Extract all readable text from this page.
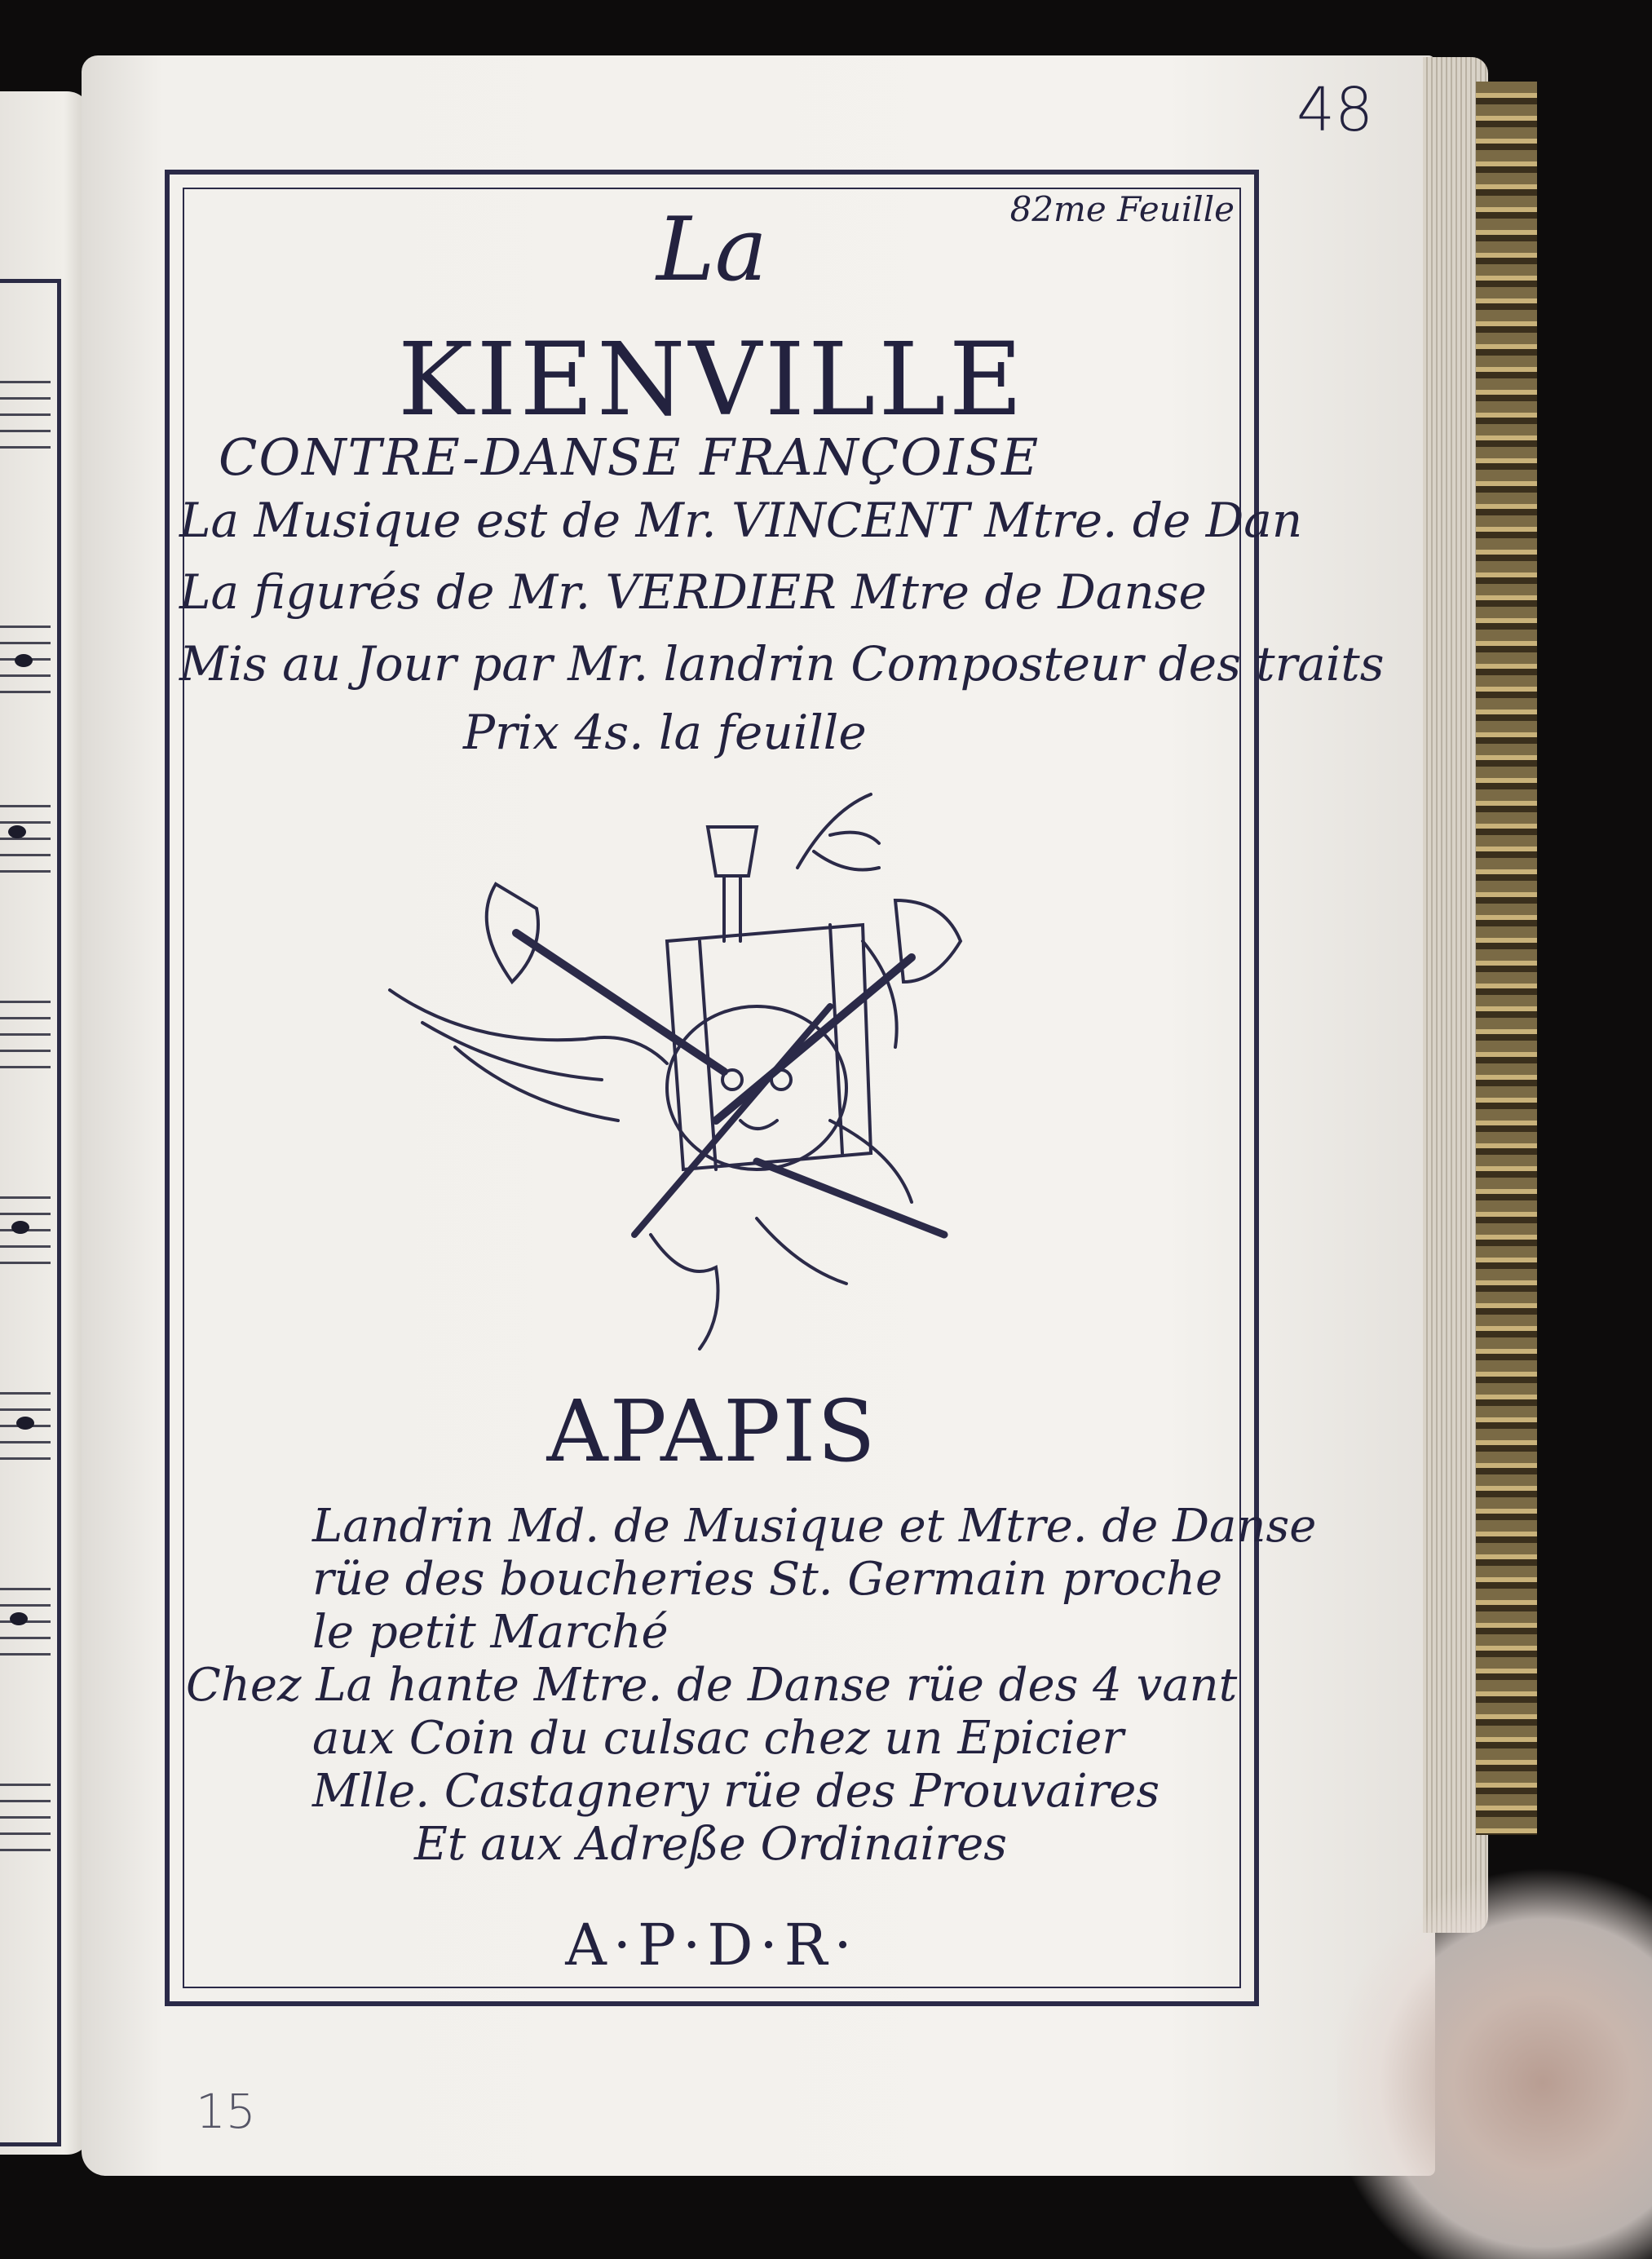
48
15
82me Feuille
La
KIENVILLE
CONTRE-DANSE FRANÇOISE
La Musique est de Mr. VINCENT Mtre. de Dan
La figurés de Mr. VERDIER Mtre de Danse
Mis au Jour par Mr. landrin Composteur des traits
Prix 4s. la feuille
APAPIS
Landrin Md. de Musique et Mtre. de Danse
rüe des boucheries St. Germain proche
le petit Marché
Chez La hante Mtre. de Danse rüe des 4 vant
aux Coin du culsac chez un Epicier
Mlle. Castagnery rüe des Prouvaires
Et aux Adreße Ordinaires
A·P·D·R·
